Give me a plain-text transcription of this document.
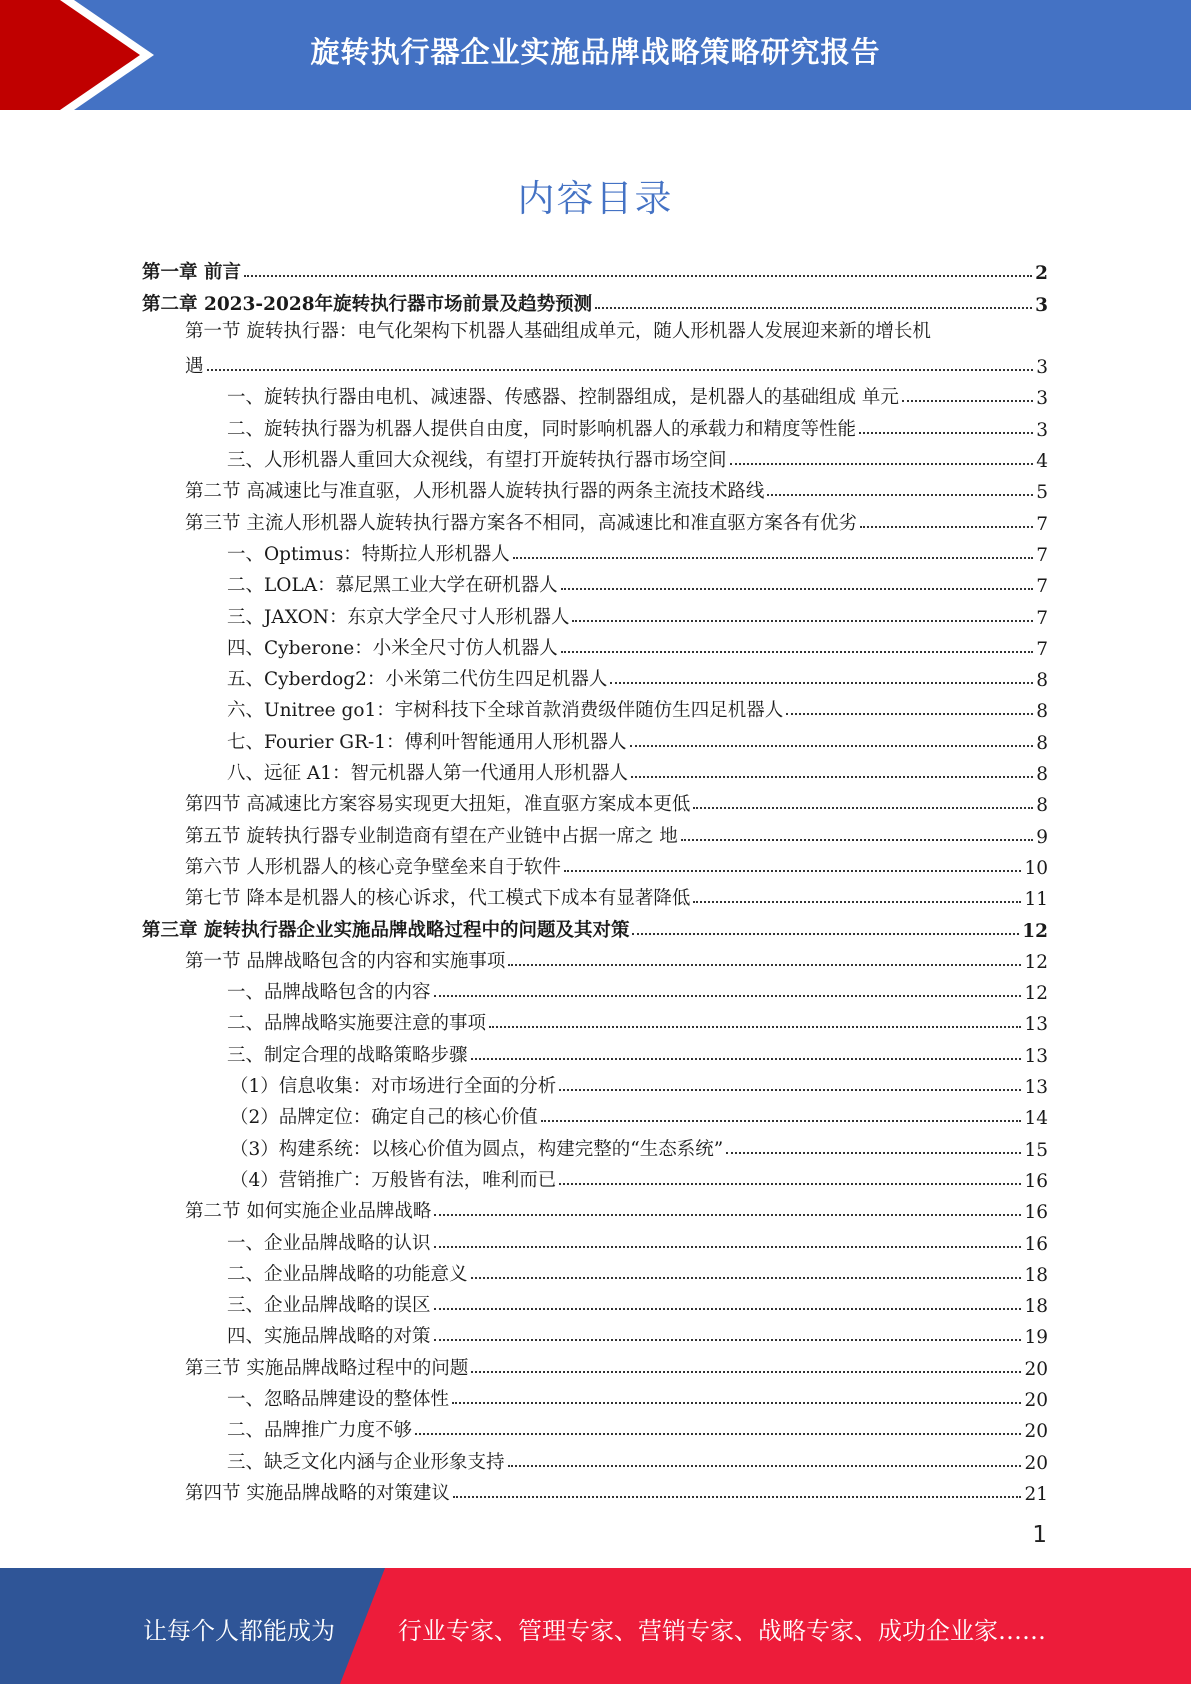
旋转执行器企业实施品牌战略策略研究报告
内容目录
第一章 前言	2
第二章 2023-2028年旋转执行器市场前景及趋势预测	3
第一节 旋转执行器：电气化架构下机器人基础组成单元，随人形机器人发展迎来新的增长机
遇	3
一、旋转执行器由电机、减速器、传感器、控制器组成，是机器人的基础组成 单元	3
二、旋转执行器为机器人提供自由度，同时影响机器人的承载力和精度等性能	3
三、人形机器人重回大众视线，有望打开旋转执行器市场空间	4
第二节 高减速比与准直驱，人形机器人旋转执行器的两条主流技术路线	5
第三节 主流人形机器人旋转执行器方案各不相同，高减速比和准直驱方案各有优劣	7
一、Optimus：特斯拉人形机器人	7
二、LOLA：慕尼黑工业大学在研机器人	7
三、JAXON：东京大学全尺寸人形机器人	7
四、Cyberone：小米全尺寸仿人机器人	7
五、Cyberdog2：小米第二代仿生四足机器人	8
六、Unitree go1：宇树科技下全球首款消费级伴随仿生四足机器人	8
七、Fourier GR-1：傅利叶智能通用人形机器人	8
八、远征 A1：智元机器人第一代通用人形机器人	8
第四节 高减速比方案容易实现更大扭矩，准直驱方案成本更低	8
第五节 旋转执行器专业制造商有望在产业链中占据一席之 地	9
第六节 人形机器人的核心竞争壁垒来自于软件	10
第七节 降本是机器人的核心诉求，代工模式下成本有显著降低	11
第三章 旋转执行器企业实施品牌战略过程中的问题及其对策	12
第一节 品牌战略包含的内容和实施事项	12
一、品牌战略包含的内容	12
二、品牌战略实施要注意的事项	13
三、制定合理的战略策略步骤	13
（1）信息收集：对市场进行全面的分析	13
（2）品牌定位：确定自己的核心价值	14
（3）构建系统：以核心价值为圆点，构建完整的“生态系统”	15
（4）营销推广：万般皆有法，唯利而已	16
第二节 如何实施企业品牌战略	16
一、企业品牌战略的认识	16
二、企业品牌战略的功能意义	18
三、企业品牌战略的误区	18
四、实施品牌战略的对策	19
第三节 实施品牌战略过程中的问题	20
一、忽略品牌建设的整体性	20
二、品牌推广力度不够	20
三、缺乏文化内涵与企业形象支持	20
第四节 实施品牌战略的对策建议	21
1
让每个人都能成为	行业专家、管理专家、营销专家、战略专家、成功企业家……
